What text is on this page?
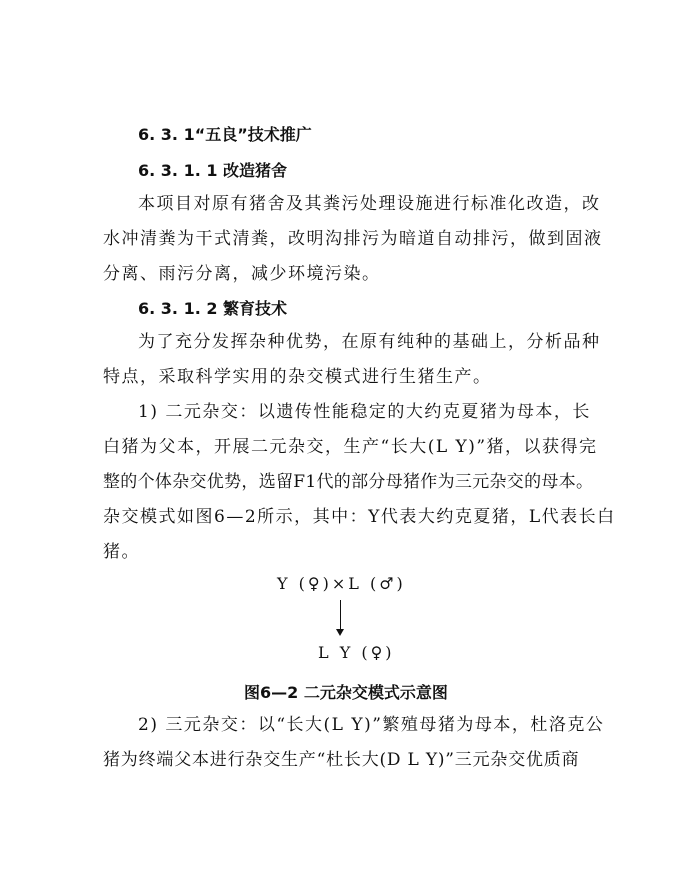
6. 3. 1“五良”技术推广
6. 3. 1. 1 改造猪舍
本项目对原有猪舍及其粪污处理设施进行标准化改造，改
水冲清粪为干式清粪，改明沟排污为暗道自动排污，做到固液
分离、雨污分离，减少环境污染。
6. 3. 1. 2 繁育技术
为了充分发挥杂种优势，在原有纯种的基础上，分析品种
特点，采取科学实用的杂交模式进行生猪生产。
1) 二元杂交：以遗传性能稳定的大约克夏猪为母本，长
白猪为父本，开展二元杂交，生产“长大(L Y)”猪，以获得完
整的个体杂交优势，选留F1代的部分母猪作为三元杂交的母本。
杂交模式如图6—2所示，其中：Y代表大约克夏猪，L代表长白
猪。
Y (♀)×L (♂)
L Y (♀)
图6—2 二元杂交模式示意图
2) 三元杂交：以“长大(L Y)”繁殖母猪为母本，杜洛克公
猪为终端父本进行杂交生产“杜长大(D L Y)”三元杂交优质商
